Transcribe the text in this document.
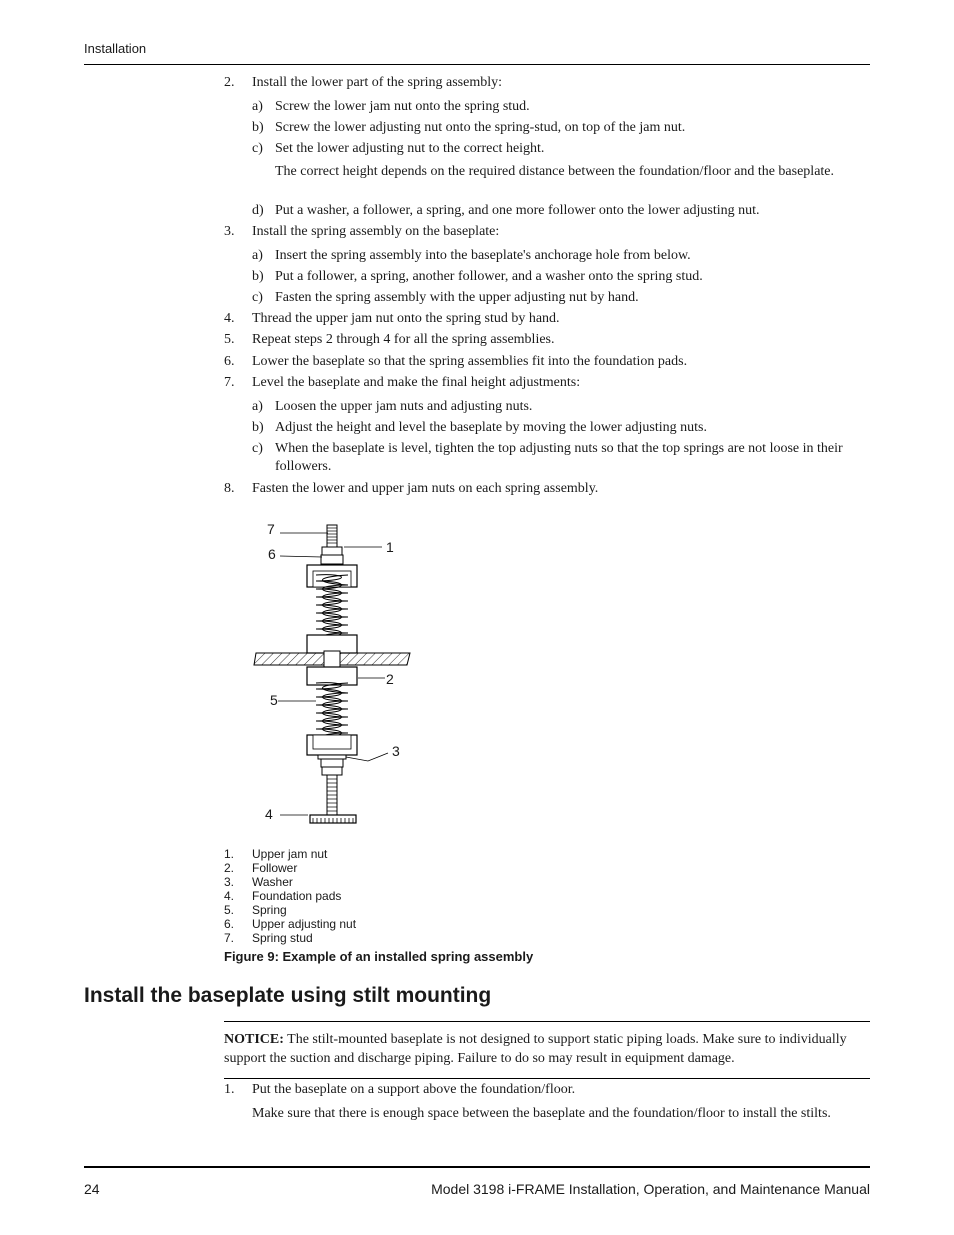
Installation
2.	Install the lower part of the spring assembly:
a) Screw the lower jam nut onto the spring stud.
b) Screw the lower adjusting nut onto the spring-stud, on top of the jam nut.
c) Set the lower adjusting nut to the correct height.
The correct height depends on the required distance between the foundation/floor and the baseplate.
d) Put a washer, a follower, a spring, and one more follower onto the lower adjusting nut.
3.	Install the spring assembly on the baseplate:
a) Insert the spring assembly into the baseplate's anchorage hole from below.
b) Put a follower, a spring, another follower, and a washer onto the spring stud.
c) Fasten the spring assembly with the upper adjusting nut by hand.
4.	Thread the upper jam nut onto the spring stud by hand.
5.	Repeat steps 2 through 4 for all the spring assemblies.
6.	Lower the baseplate so that the spring assemblies fit into the foundation pads.
7.	Level the baseplate and make the final height adjustments:
a) Loosen the upper jam nuts and adjusting nuts.
b) Adjust the height and level the baseplate by moving the lower adjusting nuts.
c) When the baseplate is level, tighten the top adjusting nuts so that the top springs are not loose in their followers.
8.	Fasten the lower and upper jam nuts on each spring assembly.
7
6	1
2
3
5
4
1. Upper jam nut
2. Follower
3. Washer
4. Foundation pads
5. Spring
6. Upper adjusting nut
7. Spring stud
Figure 9: Example of an installed spring assembly
Install the baseplate using stilt mounting
NOTICE: The stilt-mounted baseplate is not designed to support static piping loads. Make sure to individually support the suction and discharge piping. Failure to do so may result in equipment damage.
1.	Put the baseplate on a support above the foundation/floor.
Make sure that there is enough space between the baseplate and the foundation/floor to install the stilts.
24	Model 3198 i-FRAME Installation, Operation, and Maintenance Manual
